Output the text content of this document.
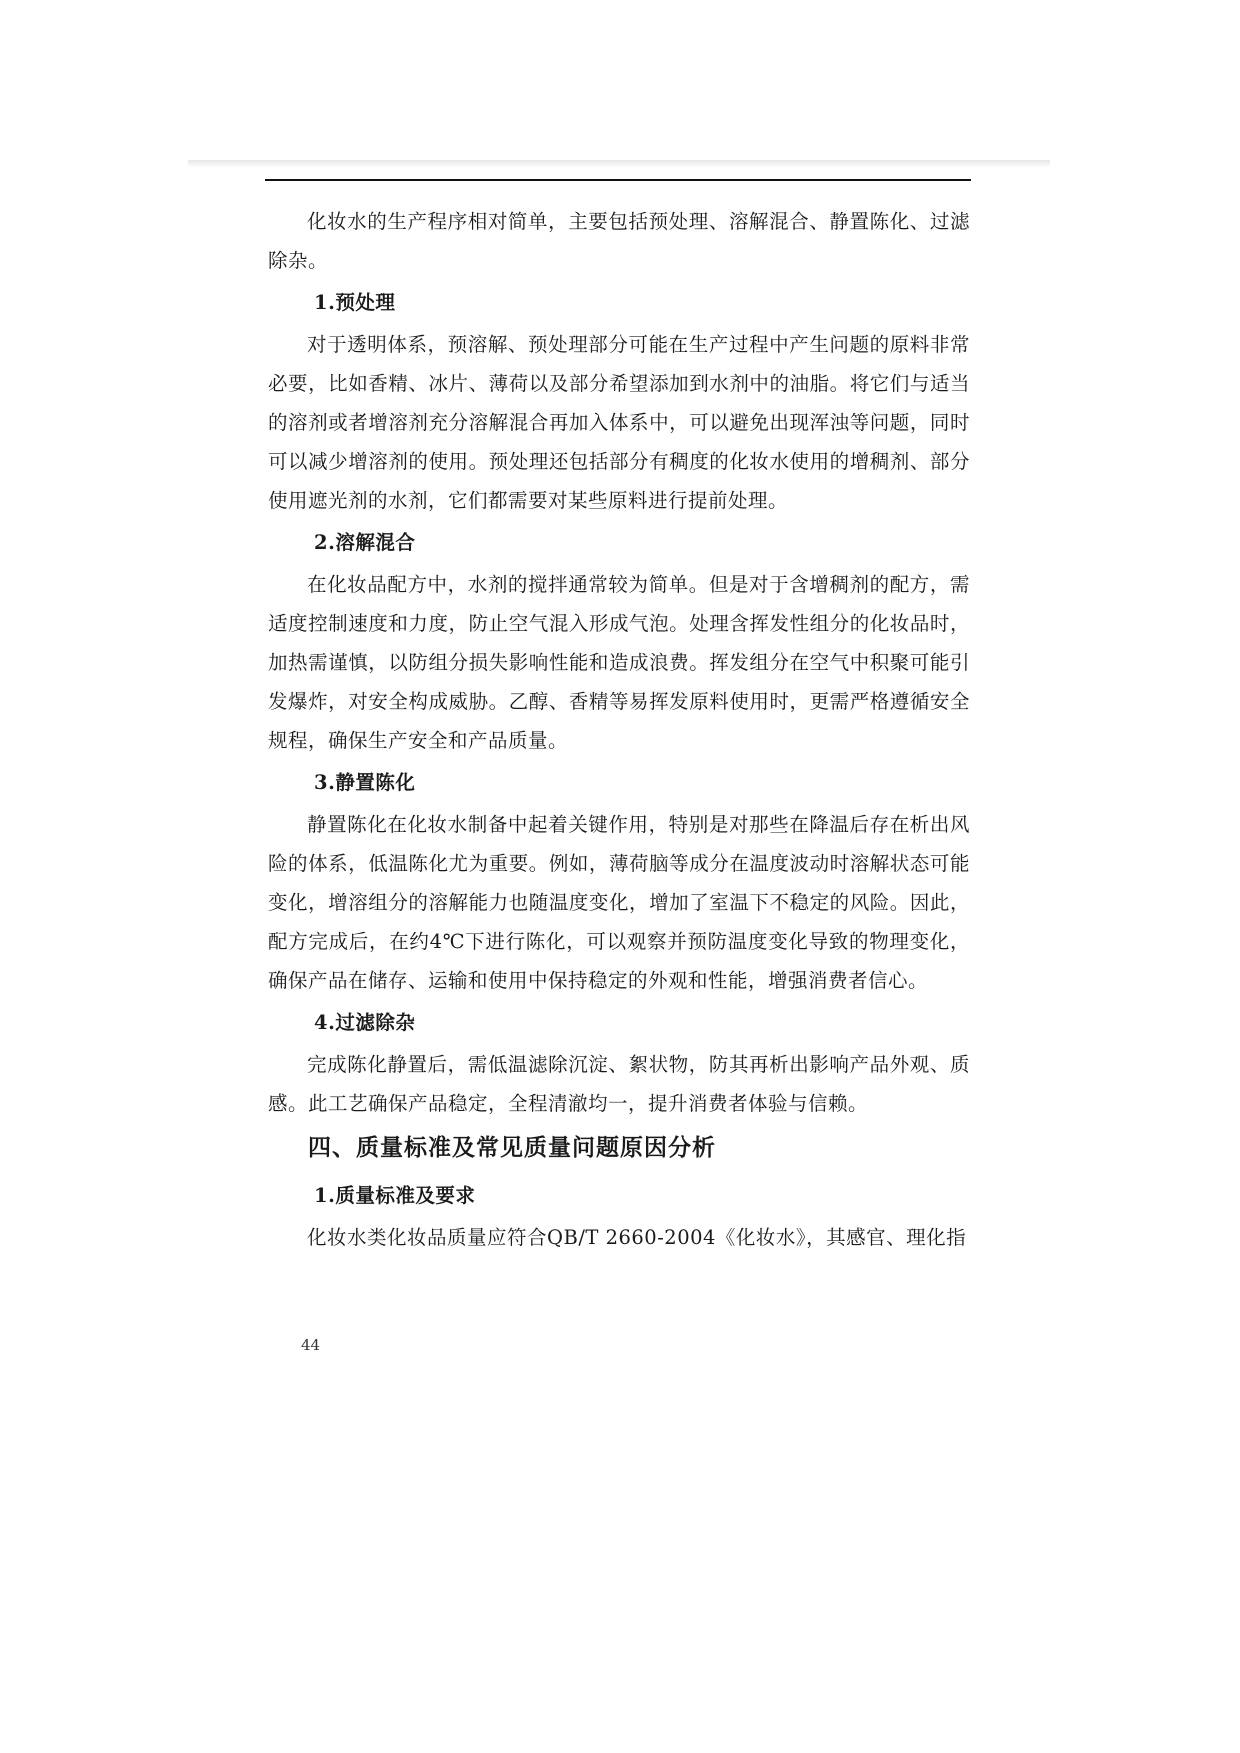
化妆水的生产程序相对简单，主要包括预处理、溶解混合、静置陈化、过滤除杂。

1.预处理

对于透明体系，预溶解、预处理部分可能在生产过程中产生问题的原料非常必要，比如香精、冰片、薄荷以及部分希望添加到水剂中的油脂。将它们与适当的溶剂或者增溶剂充分溶解混合再加入体系中，可以避免出现浑浊等问题，同时可以减少增溶剂的使用。预处理还包括部分有稠度的化妆水使用的增稠剂、部分使用遮光剂的水剂，它们都需要对某些原料进行提前处理。

2.溶解混合

在化妆品配方中，水剂的搅拌通常较为简单。但是对于含增稠剂的配方，需适度控制速度和力度，防止空气混入形成气泡。处理含挥发性组分的化妆品时，加热需谨慎，以防组分损失影响性能和造成浪费。挥发组分在空气中积聚可能引发爆炸，对安全构成威胁。乙醇、香精等易挥发原料使用时，更需严格遵循安全规程，确保生产安全和产品质量。

3.静置陈化

静置陈化在化妆水制备中起着关键作用，特别是对那些在降温后存在析出风险的体系，低温陈化尤为重要。例如，薄荷脑等成分在温度波动时溶解状态可能变化，增溶组分的溶解能力也随温度变化，增加了室温下不稳定的风险。因此，配方完成后，在约4℃下进行陈化，可以观察并预防温度变化导致的物理变化，确保产品在储存、运输和使用中保持稳定的外观和性能，增强消费者信心。

4.过滤除杂

完成陈化静置后，需低温滤除沉淀、絮状物，防其再析出影响产品外观、质感。此工艺确保产品稳定，全程清澈均一，提升消费者体验与信赖。

四、质量标准及常见质量问题原因分析

1.质量标准及要求

化妆水类化妆品质量应符合QB/T 2660-2004《化妆水》，其感官、理化指

44
